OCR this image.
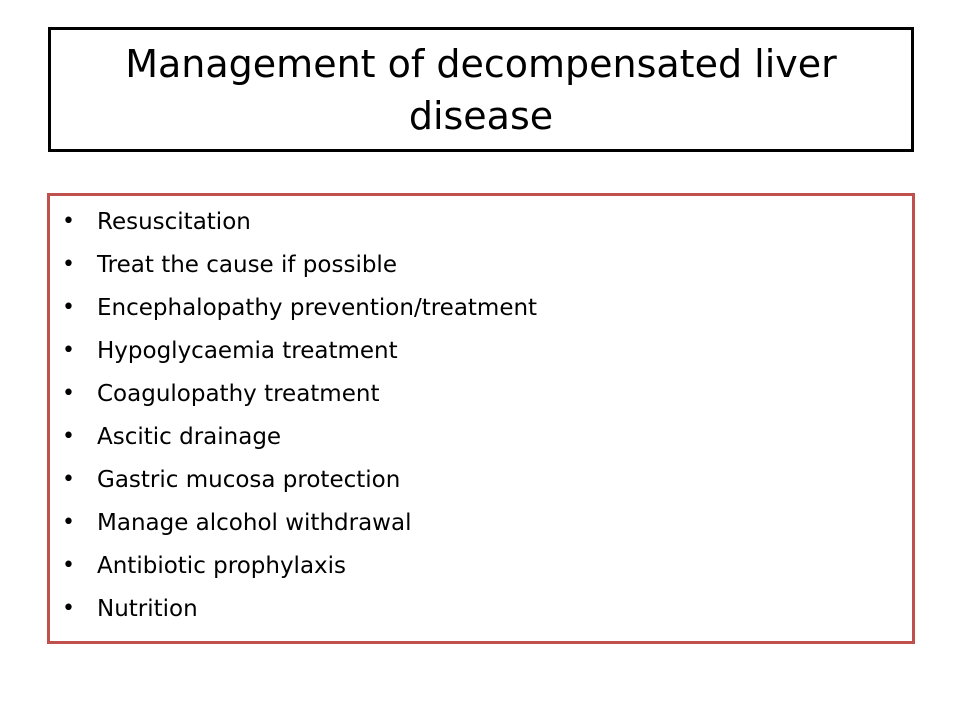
Management of decompensated liver disease
• Resuscitation
• Treat the cause if possible
• Encephalopathy prevention/treatment
• Hypoglycaemia treatment
• Coagulopathy treatment
• Ascitic drainage
• Gastric mucosa protection
• Manage alcohol withdrawal
• Antibiotic prophylaxis
• Nutrition
